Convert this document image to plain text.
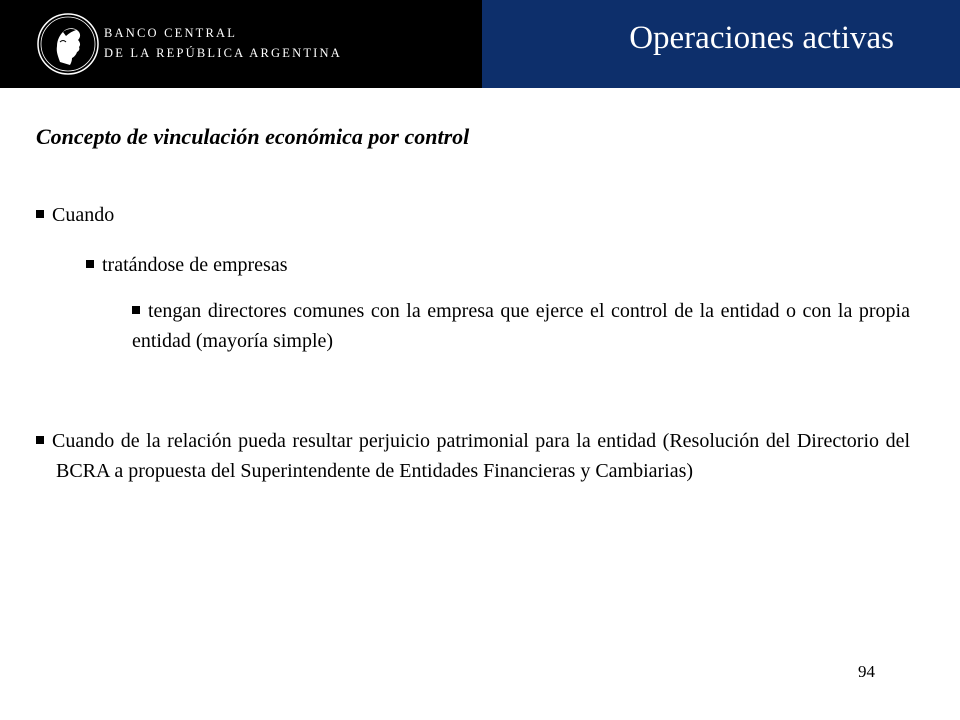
BANCO CENTRAL
DE LA REPÚBLICA ARGENTINA	Operaciones activas
Concepto de vinculación económica por control
Cuando
tratándose de empresas
tengan directores comunes con la empresa que ejerce el control de la entidad o con la propia entidad (mayoría simple)
Cuando de la relación pueda resultar perjuicio patrimonial para la entidad (Resolución del Directorio del BCRA a propuesta del Superintendente de Entidades Financieras y Cambiarias)
94
